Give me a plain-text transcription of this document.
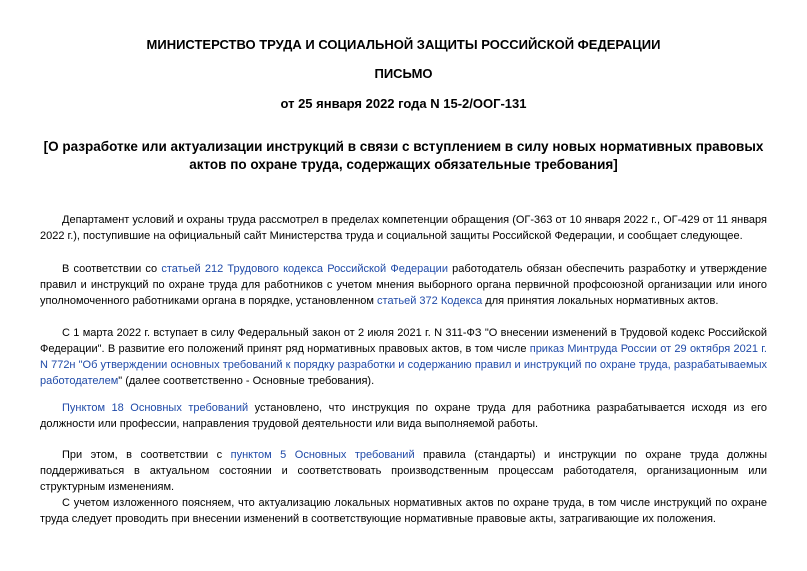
МИНИСТЕРСТВО ТРУДА И СОЦИАЛЬНОЙ ЗАЩИТЫ РОССИЙСКОЙ ФЕДЕРАЦИИ

ПИСЬМО

от 25 января 2022 года N 15-2/ООГ-131

[О разработке или актуализации инструкций в связи с вступлением в силу новых нормативных правовых актов по охране труда, содержащих обязательные требования]

Департамент условий и охраны труда рассмотрел в пределах компетенции обращения (ОГ-363 от 10 января 2022 г., ОГ-429 от 11 января 2022 г.), поступившие на официальный сайт Министерства труда и социальной защиты Российской Федерации, и сообщает следующее.

В соответствии со статьей 212 Трудового кодекса Российской Федерации работодатель обязан обеспечить разработку и утверждение правил и инструкций по охране труда для работников с учетом мнения выборного органа первичной профсоюзной организации или иного уполномоченного работниками органа в порядке, установленном статьей 372 Кодекса для принятия локальных нормативных актов.

С 1 марта 2022 г. вступает в силу Федеральный закон от 2 июля 2021 г. N 311-ФЗ "О внесении изменений в Трудовой кодекс Российской Федерации". В развитие его положений принят ряд нормативных правовых актов, в том числе приказ Минтруда России от 29 октября 2021 г. N 772н "Об утверждении основных требований к порядку разработки и содержанию правил и инструкций по охране труда, разрабатываемых работодателем" (далее соответственно - Основные требования).

Пунктом 18 Основных требований установлено, что инструкция по охране труда для работника разрабатывается исходя из его должности или профессии, направления трудовой деятельности или вида выполняемой работы.

При этом, в соответствии с пунктом 5 Основных требований правила (стандарты) и инструкции по охране труда должны поддерживаться в актуальном состоянии и соответствовать производственным процессам работодателя, организационным или структурным изменениям.

С учетом изложенного поясняем, что актуализацию локальных нормативных актов по охране труда, в том числе инструкций по охране труда следует проводить при внесении изменений в соответствующие нормативные правовые акты, затрагивающие их положения.
